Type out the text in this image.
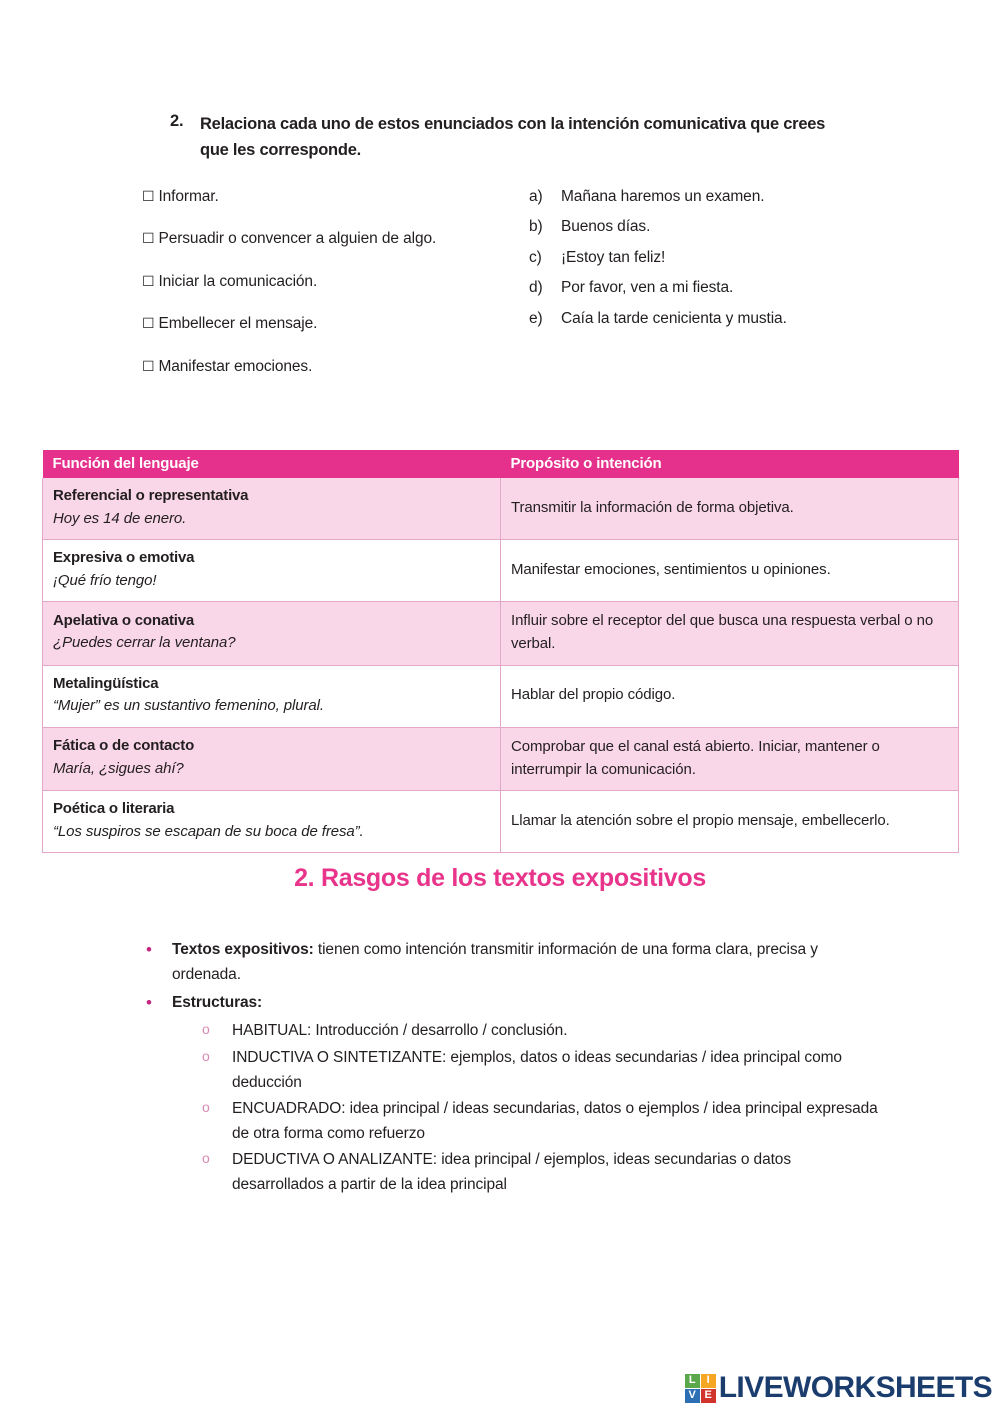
2.	Relaciona cada uno de estos enunciados con la intención comunicativa que crees que les corresponde.
☐ Informar.
☐ Persuadir o convencer a alguien de algo.
☐ Iniciar la comunicación.
☐ Embellecer el mensaje.
☐ Manifestar emociones.
a)	Mañana haremos un examen.
b)	Buenos días.
c)	¡Estoy tan feliz!
d)	Por favor, ven a mi fiesta.
e)	Caía la tarde cenicienta y mustia.
Función del lenguaje	Propósito o intención

Referencial o representativa
Hoy es 14 de enero.	Transmitir la información de forma objetiva.

Expresiva o emotiva
¡Qué frío tengo!	Manifestar emociones, sentimientos u opiniones.

Apelativa o conativa
¿Puedes cerrar la ventana?	Influir sobre el receptor del que busca una respuesta verbal o no verbal.

Metalingüística
“Mujer” es un sustantivo femenino, plural.	Hablar del propio código.

Fática o de contacto
María, ¿sigues ahí?	Comprobar que el canal está abierto. Iniciar, mantener o interrumpir la comunicación.

Poética o literaria
“Los suspiros se escapan de su boca de fresa”.	Llamar la atención sobre el propio mensaje, embellecerlo.
2. Rasgos de los textos expositivos
•	Textos expositivos: tienen como intención transmitir información de una forma clara, precisa y ordenada.
•	Estructuras:
o	HABITUAL: Introducción / desarrollo / conclusión.
o	INDUCTIVA O SINTETIZANTE: ejemplos, datos o ideas secundarias / idea principal como deducción
o	ENCUADRADO: idea principal / ideas secundarias, datos o ejemplos / idea principal expresada de otra forma como refuerzo
o	DEDUCTIVA O ANALIZANTE: idea principal / ejemplos, ideas secundarias o datos desarrollados a partir de la idea principal
L	I
V E LIVEWORKSHEETS
